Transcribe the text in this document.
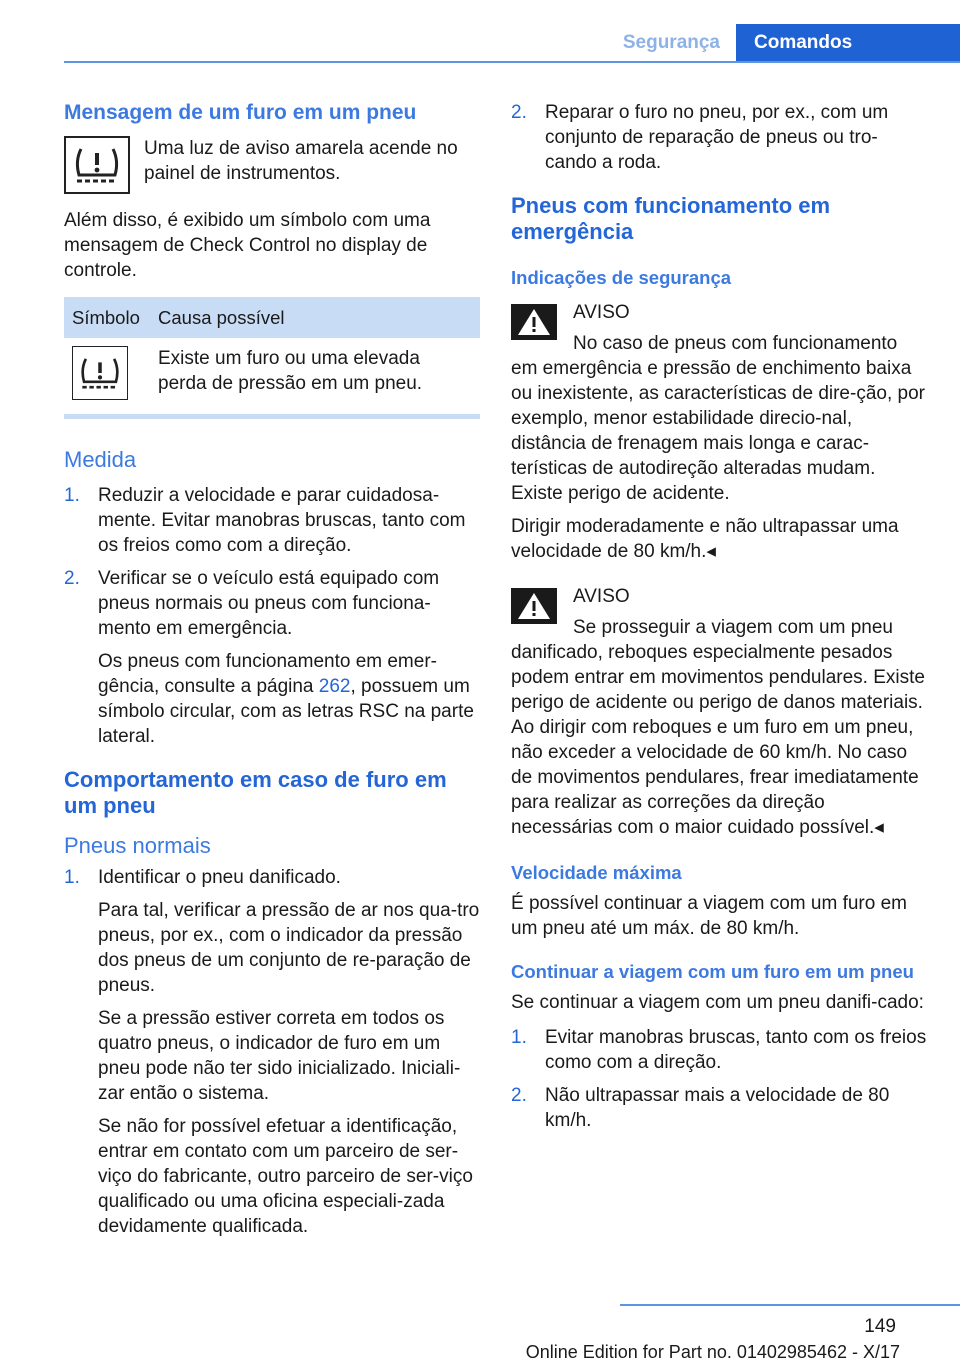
Segurança	Comandos
Mensagem de um furo em um pneu

Uma luz de aviso amarela acende no painel de instrumentos.

Além disso, é exibido um símbolo com uma mensagem de Check Control no display de controle.

Símbolo	Causa possível

	Existe um furo ou uma elevada perda de pressão em um pneu.
Medida
1. Reduzir a velocidade e parar cuidadosa‐mente. Evitar manobras bruscas, tanto com os freios como com a direção.
2. Verificar se o veículo está equipado com pneus normais ou pneus com funciona‐mento em emergência.

Os pneus com funcionamento em emer‐gência, consulte a página 262, possuem um símbolo circular, com as letras RSC na parte lateral.

Comportamento em caso de furo em um pneu
Pneus normais
1. Identificar o pneu danificado.

Para tal, verificar a pressão de ar nos qua‐tro pneus, por ex., com o indicador da pressão dos pneus de um conjunto de re‐paração de pneus.

Se a pressão estiver correta em todos os quatro pneus, o indicador de furo em um pneu pode não ter sido inicializado. Iniciali‐zar então o sistema.

Se não for possível efetuar a identificação, entrar em contato com um parceiro de ser‐viço do fabricante, outro parceiro de ser‐viço qualificado ou uma oficina especiali‐zada devidamente qualificada.

2. Reparar o furo no pneu, por ex., com um conjunto de reparação de pneus ou tro‐cando a roda.
Pneus com funcionamento em emergência
Indicações de segurança
AVISO
No caso de pneus com funcionamento

em emergência e pressão de enchimento baixa ou inexistente, as características de dire‐ção, por exemplo, menor estabilidade direcio‐nal, distância de frenagem mais longa e carac‐terísticas de autodireção alteradas mudam. Existe perigo de acidente.

Dirigir moderadamente e não ultrapassar uma velocidade de 80 km/h.◂

AVISO
Se prosseguir a viagem com um pneu

danificado, reboques especialmente pesados podem entrar em movimentos pendulares. Existe perigo de acidente ou perigo de danos materiais. Ao dirigir com reboques e um furo em um pneu, não exceder a velocidade de 60 km/h. No caso de movimentos pendulares, frear imediatamente para realizar as correções da direção necessárias com o maior cuidado possível.◂

Velocidade máxima

É possível continuar a viagem com um furo em um pneu até um máx. de 80 km/h.

Continuar a viagem com um furo em um pneu

Se continuar a viagem com um pneu danifi‐cado:

1. Evitar manobras bruscas, tanto com os freios como com a direção.
2. Não ultrapassar mais a velocidade de 80 km/h.
149
Online Edition for Part no. 01402985462 - X/17
